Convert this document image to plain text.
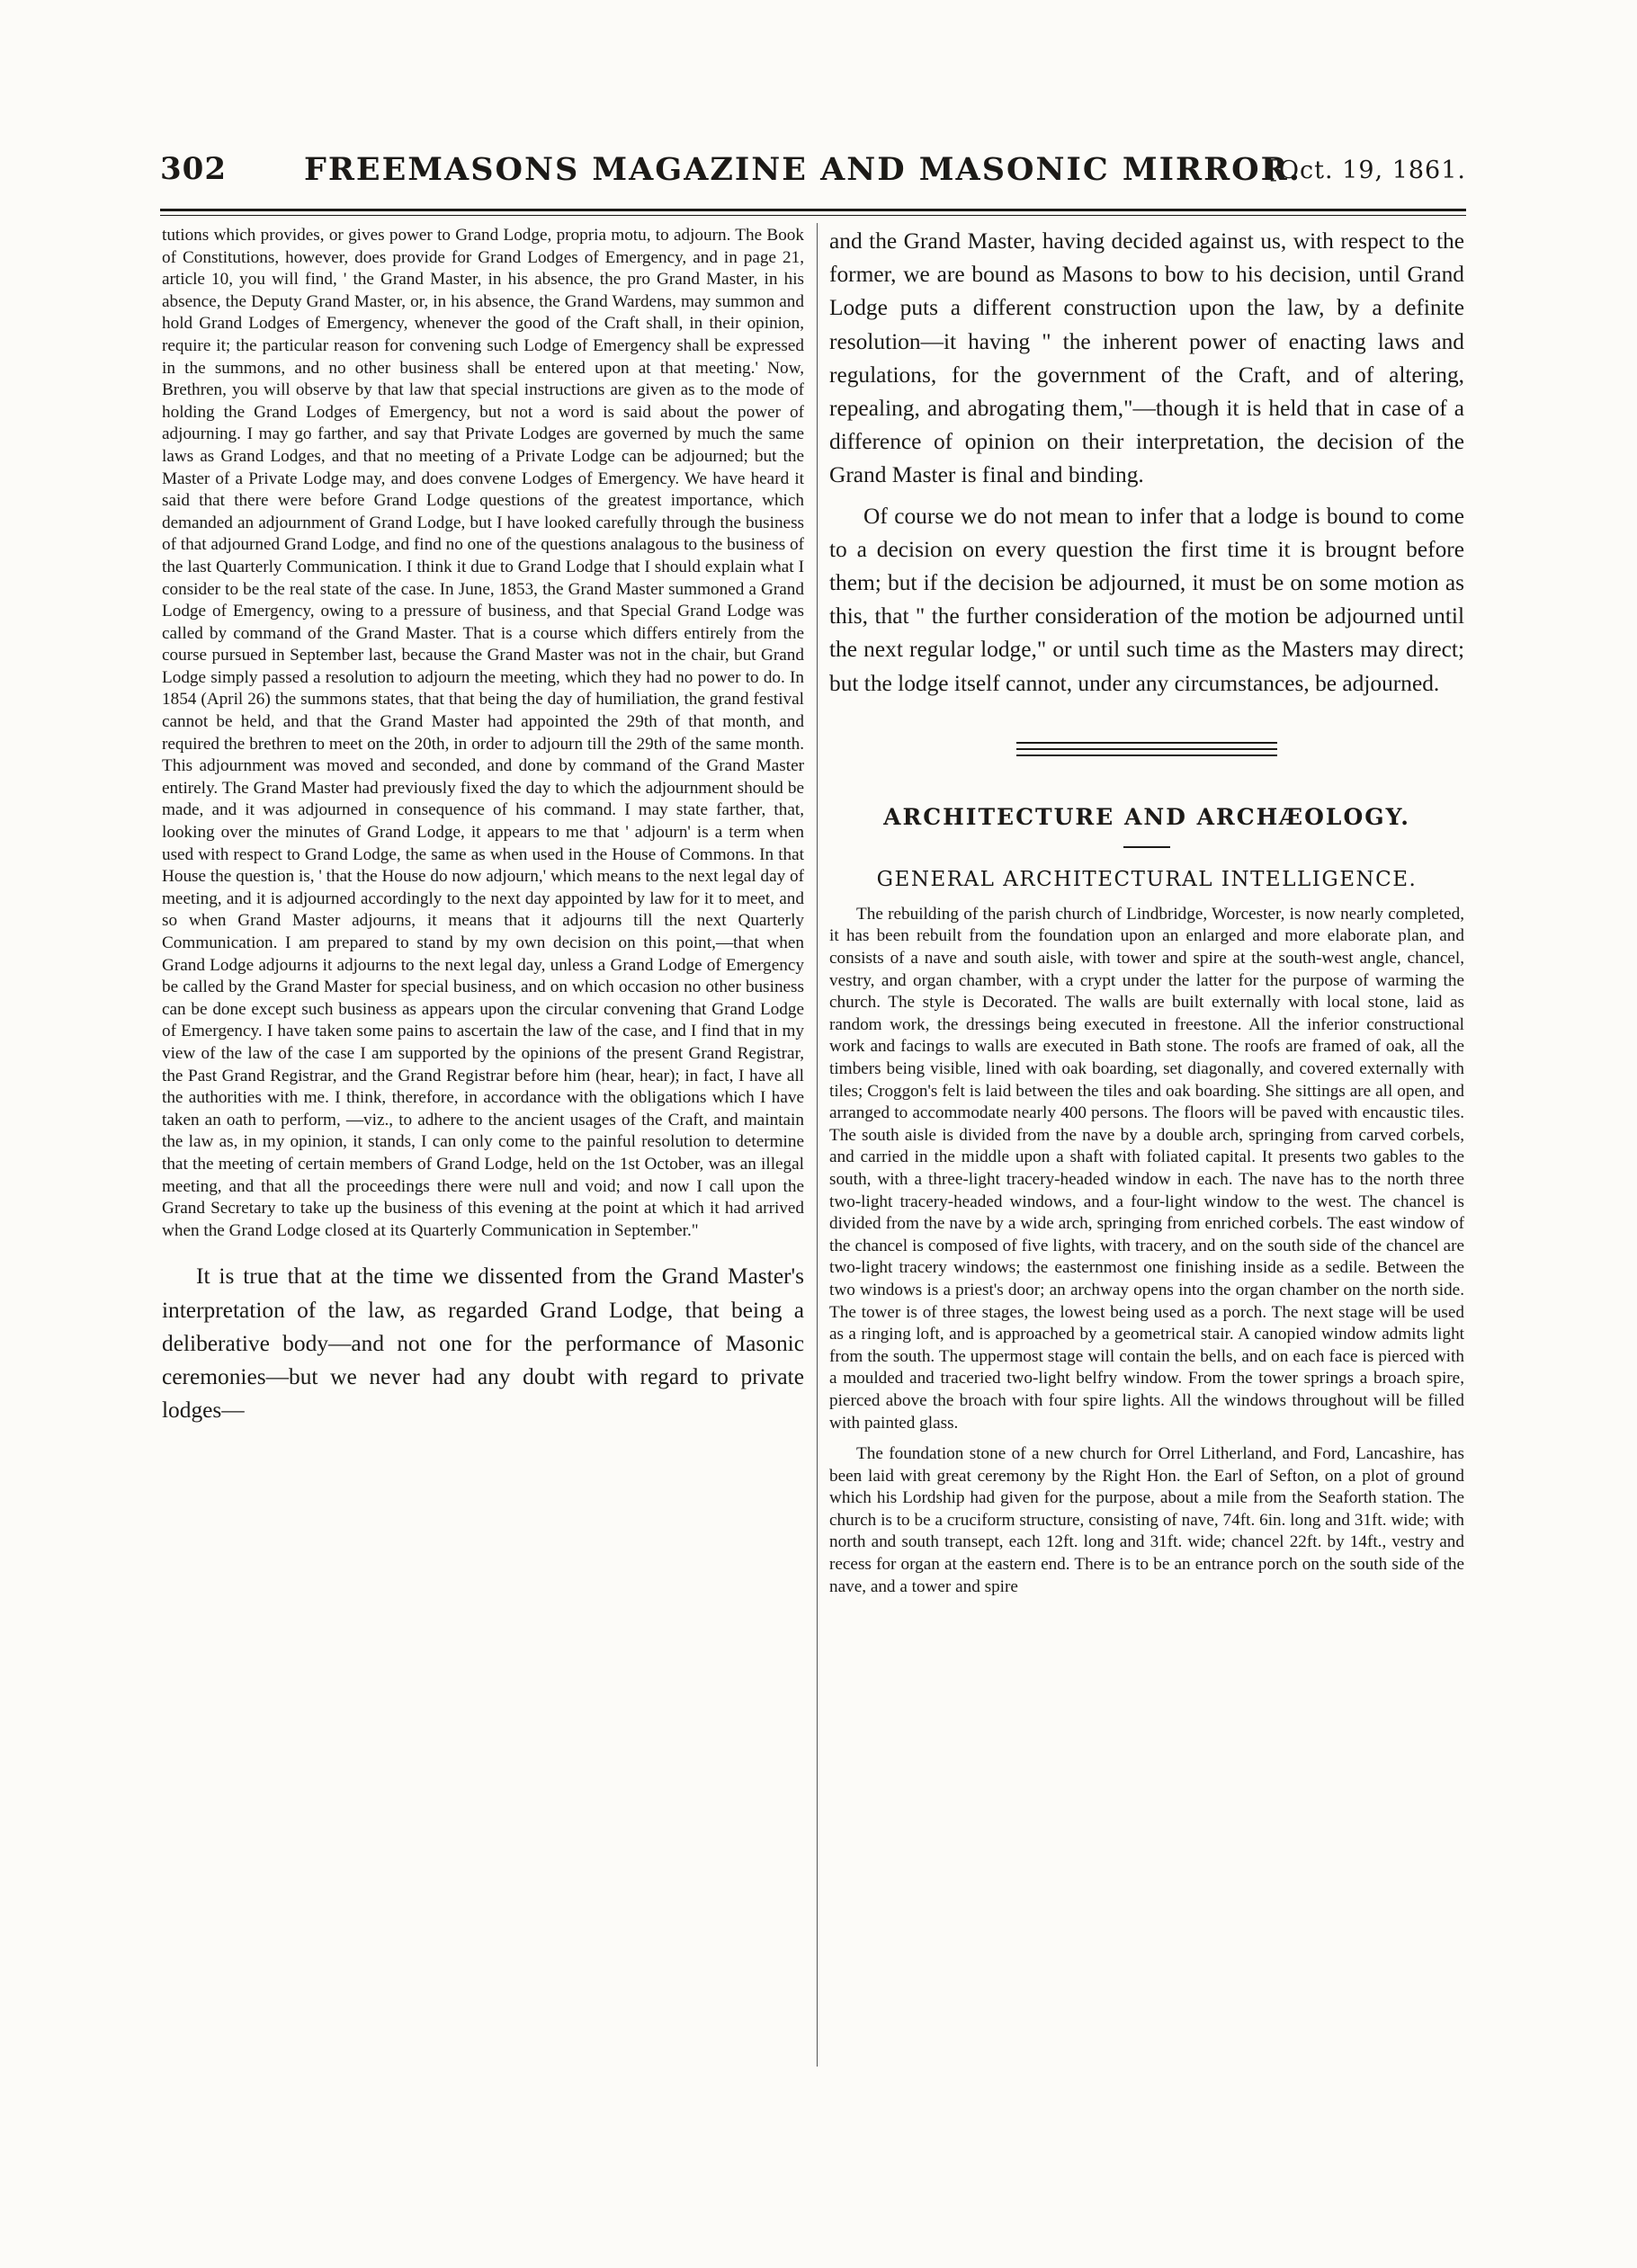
302 FREEMASONS MAGAZINE AND MASONIC MIRROR.
[Oct. 19, 1861.

tutions which provides, or gives power to Grand Lodge, propria motu, to adjourn. The Book of Constitutions, however, does provide for Grand Lodges of Emergency, and in page 21, article 10, you will find, ' the Grand Master, in his absence, the pro Grand Master, in his absence, the Deputy Grand Master, or, in his absence, the Grand Wardens, may summon and hold Grand Lodges of Emergency, whenever the good of the Craft shall, in their opinion, require it; the particular reason for convening such Lodge of Emergency shall be expressed in the summons, and no other business shall be entered upon at that meeting.' Now, Brethren, you will observe by that law that special instructions are given as to the mode of holding the Grand Lodges of Emergency, but not a word is said about the power of adjourning. I may go farther, and say that Private Lodges are governed by much the same laws as Grand Lodges, and that no meeting of a Private Lodge can be adjourned; but the Master of a Private Lodge may, and does convene Lodges of Emergency. We have heard it said that there were before Grand Lodge questions of the greatest importance, which demanded an adjournment of Grand Lodge, but I have looked carefully through the business of that adjourned Grand Lodge, and find no one of the questions analagous to the business of the last Quarterly Communication. I think it due to Grand Lodge that I should explain what I consider to be the real state of the case. In June, 1853, the Grand Master summoned a Grand Lodge of Emergency, owing to a pressure of business, and that Special Grand Lodge was called by command of the Grand Master. That is a course which differs entirely from the course pursued in September last, because the Grand Master was not in the chair, but Grand Lodge simply passed a resolution to adjourn the meeting, which they had no power to do. In 1854 (April 26) the summons states, that that being the day of humiliation, the grand festival cannot be held, and that the Grand Master had appointed the 29th of that month, and required the brethren to meet on the 20th, in order to adjourn till the 29th of the same month. This adjournment was moved and seconded, and done by command of the Grand Master entirely. The Grand Master had previously fixed the day to which the adjournment should be made, and it was adjourned in consequence of his command. I may state farther, that, looking over the minutes of Grand Lodge, it appears to me that ' adjourn' is a term when used with respect to Grand Lodge, the same as when used in the House of Commons. In that House the question is, ' that the House do now adjourn,' which means to the next legal day of meeting, and it is adjourned accordingly to the next day appointed by law for it to meet, and so when Grand Master adjourns, it means that it adjourns till the next Quarterly Communication. I am prepared to stand by my own decision on this point,—that when Grand Lodge adjourns it adjourns to the next legal day, unless a Grand Lodge of Emergency be called by the Grand Master for special business, and on which occasion no other business can be done except such business as appears upon the circular convening that Grand Lodge of Emergency. I have taken some pains to ascertain the law of the case, and I find that in my view of the law of the case I am supported by the opinions of the present Grand Registrar, the Past Grand Registrar, and the Grand Registrar before him (hear, hear); in fact, I have all the authorities with me. I think, therefore, in accordance with the obligations which I have taken an oath to perform, —viz., to adhere to the ancient usages of the Craft, and maintain the law as, in my opinion, it stands, I can only come to the painful resolution to determine that the meeting of certain members of Grand Lodge, held on the 1st October, was an illegal meeting, and that all the proceedings there were null and void; and now I call upon the Grand Secretary to take up the business of this evening at the point at which it had arrived when the Grand Lodge closed at its Quarterly Communication in September."

It is true that at the time we dissented from the Grand Master's interpretation of the law, as regarded Grand Lodge, that being a deliberative body—and not one for the performance of Masonic ceremonies—but we never had any doubt with regard to private lodges—

and the Grand Master, having decided against us, with respect to the former, we are bound as Masons to bow to his decision, until Grand Lodge puts a different construction upon the law, by a definite resolution—it having " the inherent power of enacting laws and regulations, for the government of the Craft, and of altering, repealing, and abrogating them,"—though it is held that in case of a difference of opinion on their interpretation, the decision of the Grand Master is final and binding.

Of course we do not mean to infer that a lodge is bound to come to a decision on every question the first time it is brougnt before them; but if the decision be adjourned, it must be on some motion as this, that " the further consideration of the motion be adjourned until the next regular lodge," or until such time as the Masters may direct; but the lodge itself cannot, under any circumstances, be adjourned.

ARCHITECTURE AND ARCHÆOLOGY.
GENERAL ARCHITECTURAL INTELLIGENCE.

The rebuilding of the parish church of Lindbridge, Worcester, is now nearly completed, it has been rebuilt from the foundation upon an enlarged and more elaborate plan, and consists of a nave and south aisle, with tower and spire at the south-west angle, chancel, vestry, and organ chamber, with a crypt under the latter for the purpose of warming the church. The style is Decorated. The walls are built externally with local stone, laid as random work, the dressings being executed in freestone. All the inferior constructional work and facings to walls are executed in Bath stone. The roofs are framed of oak, all the timbers being visible, lined with oak boarding, set diagonally, and covered externally with tiles; Croggon's felt is laid between the tiles and oak boarding. She sittings are all open, and arranged to accommodate nearly 400 persons. The floors will be paved with encaustic tiles. The south aisle is divided from the nave by a double arch, springing from carved corbels, and carried in the middle upon a shaft with foliated capital. It presents two gables to the south, with a three-light tracery-headed window in each. The nave has to the north three two-light tracery-headed windows, and a four-light window to the west. The chancel is divided from the nave by a wide arch, springing from enriched corbels. The east window of the chancel is composed of five lights, with tracery, and on the south side of the chancel are two-light tracery windows; the easternmost one finishing inside as a sedile. Between the two windows is a priest's door; an archway opens into the organ chamber on the north side. The tower is of three stages, the lowest being used as a porch. The next stage will be used as a ringing loft, and is approached by a geometrical stair. A canopied window admits light from the south. The uppermost stage will contain the bells, and on each face is pierced with a moulded and traceried two-light belfry window. From the tower springs a broach spire, pierced above the broach with four spire lights. All the windows throughout will be filled with painted glass.

The foundation stone of a new church for Orrel Litherland, and Ford, Lancashire, has been laid with great ceremony by the Right Hon. the Earl of Sefton, on a plot of ground which his Lordship had given for the purpose, about a mile from the Seaforth station. The church is to be a cruciform structure, consisting of nave, 74ft. 6in. long and 31ft. wide; with north and south transept, each 12ft. long and 31ft. wide; chancel 22ft. by 14ft., vestry and recess for organ at the eastern end. There is to be an entrance porch on the south side of the nave, and a tower and spire
